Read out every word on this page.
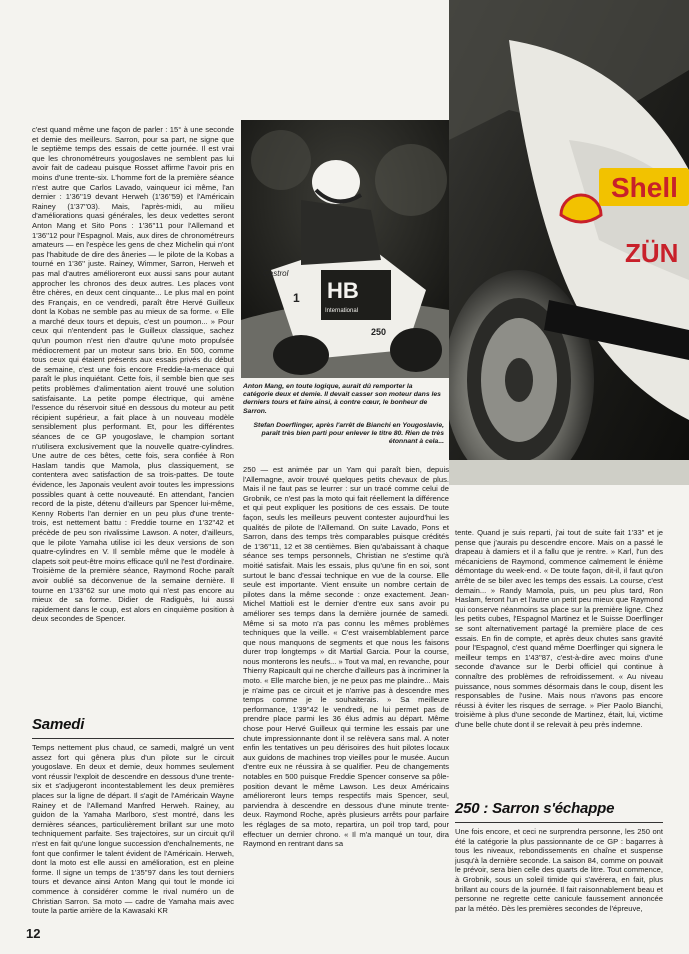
Shell
ZÜN
HB
International
250
Castrol
1
Anton Mang, en toute logique, aurait dû remporter la catégorie deux et demie. Il devait casser son moteur dans les derniers tours et faire ainsi, à contre cœur, le bonheur de Sarron.
Stefan Doerflinger, après l'arrêt de Bianchi en Yougoslavie, paraît très bien parti pour enlever le titre 80. Rien de très étonnant à cela...

c'est quand même une façon de parler : 15° à une seconde et demie des meilleurs. Sarron, pour sa part, ne signe que le septième temps des essais de cette journée. Il est vrai que les chronométreurs yougoslaves ne semblent pas lui avoir fait de cadeau puisque Rosset affirme l'avoir pris en moins d'une trente-six. L'homme fort de la première séance n'est autre que Carlos Lavado, vainqueur ici même, l'an dernier : 1'36''19 devant Herweh (1'36''59) et l'Américain Rainey (1'37''03). Mais, l'après-midi, au milieu d'améliorations quasi générales, les deux vedettes seront Anton Mang et Sito Pons : 1'36''11 pour l'Allemand et 1'36''12 pour l'Espagnol. Mais, aux dires de chronométreurs amateurs — en l'espèce les gens de chez Michelin qui n'ont pas l'habitude de dire des âneries — le pilote de la Kobas a tourné en 1'36'' juste. Rainey, Wimmer, Sarron, Herweh et pas mal d'autres amélioreront eux aussi sans pour autant approcher les chronos des deux autres. Les places vont être chères, en deux cent cinquante... Le plus mal en point des Français, en ce vendredi, paraît être Hervé Guilleux dont la Kobas ne semble pas au mieux de sa forme. « Elle a marché deux tours et depuis, c'est un poumon... » Pour ceux qui n'entendent pas le Guilleux classique, sachez qu'un poumon n'est rien d'autre qu'une moto propulsée médiocrement par un moteur sans brio. En 500, comme tous ceux qui étaient présents aux essais privés du début de semaine, c'est une fois encore Freddie-la-menace qui paraît le plus inquiétant. Cette fois, il semble bien que ses petits problèmes d'alimentation aient trouvé une solution satisfaisante. La petite pompe électrique, qui amène l'essence du réservoir situé en dessous du moteur au petit récipient supérieur, a fait place à un nouveau modèle sensiblement plus performant. Et, pour les différentes séances de ce GP yougoslave, le champion sortant n'utilisera exclusivement que la nouvelle quatre-cylindres. Une autre de ces bêtes, cette fois, sera confiée à Ron Haslam tandis que Mamola, plus classiquement, se contentera avec satisfaction de sa trois-pattes. De toute évidence, les Japonais veulent avoir toutes les impressions possibles quant à cette nouveauté. En attendant, l'ancien record de la piste, détenu d'ailleurs par Spencer lui-même, Kenny Roberts l'an dernier en un peu plus d'une trente-trois, est nettement battu : Freddie tourne en 1'32''42 et précède de peu son rivalissime Lawson. A noter, d'ailleurs, que le pilote Yamaha utilise ici les deux versions de son quatre-cylindres en V. Il semble même que le modèle à clapets soit peut-être moins efficace qu'il ne l'est d'ordinaire. Troisième de la première séance, Raymond Roche paraît avoir oublié sa déconvenue de la semaine dernière. Il tourne en 1'33''62 sur une moto qui n'est pas encore au mieux de sa forme. Didier de Radiguès, lui aussi rapidement dans le coup, est alors en cinquième position à deux secondes de Spencer.

Samedi

Temps nettement plus chaud, ce samedi, malgré un vent assez fort qui gênera plus d'un pilote sur le circuit yougoslave. En deux et demie, deux hommes seulement vont réussir l'exploit de descendre en dessous d'une trente-six et s'adjugeront incontestablement les deux premières places sur la ligne de départ. Il s'agit de l'Américain Wayne Rainey et de l'Allemand Manfred Herweh. Rainey, au guidon de la Yamaha Marlboro, s'est montré, dans les dernières séances, particulièrement brillant sur une moto techniquement parfaite. Ses trajectoires, sur un circuit qu'il n'est en fait qu'une longue succession d'enchaînements, ne font que confirmer le talent évident de l'Américain. Herweh, dont la moto est elle aussi en amélioration, est en pleine forme. Il signe un temps de 1'35''97 dans les tout derniers tours et devance ainsi Anton Mang qui tout le monde ici commence à considérer comme le rival numéro un de Christian Sarron. Sa moto — cadre de Yamaha mais avec toute la partie arrière de la Kawasaki KR

12

250 — est animée par un Yam qui paraît bien, depuis l'Allemagne, avoir trouvé quelques petits chevaux de plus. Mais il ne faut pas se leurrer : sur un tracé comme celui de Grobnik, ce n'est pas la moto qui fait réellement la différence et qui peut expliquer les positions de ces essais. De toute façon, seuls les meilleurs peuvent contester aujourd'hui les qualités de pilote de l'Allemand. On suite Lavado, Pons et Sarron, dans des temps très comparables puisque crédités de 1'36''11, 12 et 38 centièmes. Bien qu'abaissant à chaque séance ses temps personnels, Christian ne s'estime qu'à moitié satisfait. Mais les essais, plus qu'une fin en soi, sont surtout le banc d'essai technique en vue de la course. Elle seule est importante. Vient ensuite un nombre certain de pilotes dans la même seconde : onze exactement. Jean-Michel Mattioli est le dernier d'entre eux sans avoir pu améliorer ses temps dans la dernière journée de samedi. Même si sa moto n'a pas connu les mêmes problèmes techniques que la veille. « C'est vraisemblablement parce que nous manquons de segments et que nous les faisons durer trop longtemps » dit Martial Garcia. Pour la course, nous monterons les neufs... » Tout va mal, en revanche, pour Thierry Rapicault qui ne cherche d'ailleurs pas à incriminer la moto. « Elle marche bien, je ne peux pas me plaindre... Mais je n'aime pas ce circuit et je n'arrive pas à descendre mes temps comme je le souhaiterais. » Sa meilleure performance, 1'39''42 le vendredi, ne lui permet pas de prendre place parmi les 36 élus admis au départ. Même chose pour Hervé Guilleux qui termine les essais par une chute impressionnante dont il se relèvera sans mal. A noter enfin les tentatives un peu dérisoires des huit pilotes locaux aux guidons de machines trop vieilles pour le musée. Aucun d'entre eux ne réussira à se qualifier. Peu de changements notables en 500 puisque Freddie Spencer conserve sa pôle-position devant le même Lawson. Les deux Américains amélioreront leurs temps respectifs mais Spencer, seul, parviendra à descendre en dessous d'une minute trente-deux. Raymond Roche, après plusieurs arrêts pour parfaire les réglages de sa moto, repartira, un poil trop tard, pour effectuer un dernier chrono. « Il m'a manqué un tour, dira Raymond en rentrant dans sa

tente. Quand je suis reparti, j'ai tout de suite fait 1'33'' et je pense que j'aurais pu descendre encore. Mais on a passé le drapeau à damiers et il a fallu que je rentre. » Karl, l'un des mécaniciens de Raymond, commence calmement le énième démontage du week-end. « De toute façon, dit-il, il faut qu'on arrête de se biler avec les temps des essais. La course, c'est demain... » Randy Mamola, puis, un peu plus tard, Ron Haslam, feront l'un et l'autre un petit peu mieux que Raymond qui conserve néanmoins sa place sur la première ligne. Chez les petits cubes, l'Espagnol Martinez et le Suisse Doerflinger se sont alternativement partagé la première place de ces essais. En fin de compte, et après deux chutes sans gravité pour l'Espagnol, c'est quand même Doerflinger qui signera le meilleur temps en 1'43''87, c'est-à-dire avec moins d'une seconde d'avance sur le Derbi officiel qui continue à connaître des problèmes de refroidissement. « Au niveau puissance, nous sommes désormais dans le coup, disent les responsables de l'usine. Mais nous n'avons pas encore réussi à éviter les risques de serrage. » Pier Paolo Bianchi, troisième à plus d'une seconde de Martinez, était, lui, victime d'une belle chute dont il se relevait à peu près indemne.

250 : Sarron s'échappe

Une fois encore, et ceci ne surprendra personne, les 250 ont été la catégorie la plus passionnante de ce GP : bagarres à tous les niveaux, rebondissements en chaîne et suspense jusqu'à la dernière seconde. La saison 84, comme on pouvait le prévoir, sera bien celle des quarts de litre. Tout commence, à Grobnik, sous un soleil timide qui s'avérera, en fait, plus brillant au cours de la journée. Il fait raisonnablement beau et personne ne regrette cette canicule faussement annoncée par la météo. Dès les premières secondes de l'épreuve,
